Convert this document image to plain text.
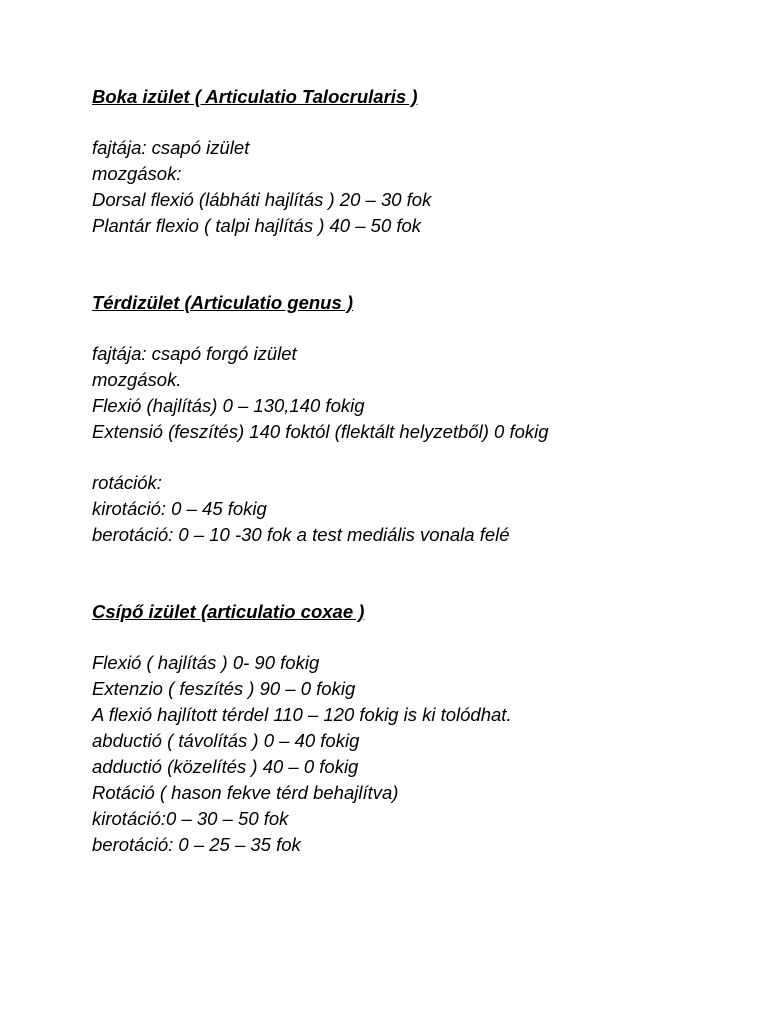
Boka izület ( Articulatio Talocrularis )
fajtája: csapó izület
mozgások:
Dorsal flexió (lábháti hajlítás ) 20 – 30 fok
Plantár flexio ( talpi hajlítás ) 40 – 50 fok
Térdizület (Articulatio genus )
fajtája: csapó forgó izület
mozgások.
Flexió (hajlítás) 0 – 130,140 fokig
Extensió (feszítés) 140 foktól (flektált helyzetből) 0 fokig
rotációk:
kirotáció: 0 – 45 fokig
berotáció: 0 – 10 -30 fok a test mediális vonala felé
Csípő izület (articulatio coxae )
Flexió ( hajlítás ) 0- 90 fokig
Extenzio ( feszítés ) 90 – 0 fokig
A flexió hajlított térdel 110 – 120 fokig is ki tolódhat.
abductió ( távolítás ) 0 – 40 fokig
adductió (közelítés ) 40 – 0 fokig
Rotáció ( hason fekve térd behajlítva)
kirotáció:0 – 30 – 50 fok
berotáció: 0 – 25 – 35 fok
